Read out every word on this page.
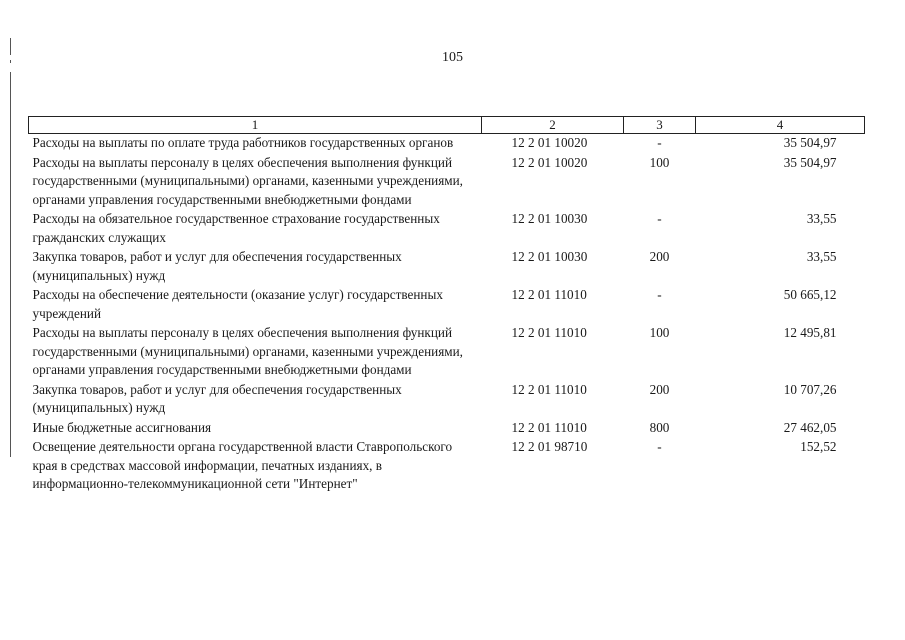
105
1	2	3	4
Расходы на выплаты по оплате труда работников государственных органов	12 2 01 10020	-	35 504,97
Расходы на выплаты персоналу в целях обеспечения выполнения функций государственными (муниципальными) органами, казенными учреждениями, органами управления государственными внебюджетными фондами	12 2 01 10020	100	35 504,97
Расходы на обязательное государственное страхование государственных гражданских служащих	12 2 01 10030	-	33,55
Закупка товаров, работ и услуг для обеспечения государственных (муниципальных) нужд	12 2 01 10030	200	33,55
Расходы на обеспечение деятельности (оказание услуг) государственных учреждений	12 2 01 11010	-	50 665,12
Расходы на выплаты персоналу в целях обеспечения выполнения функций государственными (муниципальными) органами, казенными учреждениями, органами управления государственными внебюджетными фондами	12 2 01 11010	100	12 495,81
Закупка товаров, работ и услуг для обеспечения государственных (муниципальных) нужд	12 2 01 11010	200	10 707,26
Иные бюджетные ассигнования	12 2 01 11010	800	27 462,05
Освещение деятельности органа государственной власти Ставропольского края в средствах массовой информации, печатных изданиях, в информационно-телекоммуникационной сети "Интернет"	12 2 01 98710	-	152,52
